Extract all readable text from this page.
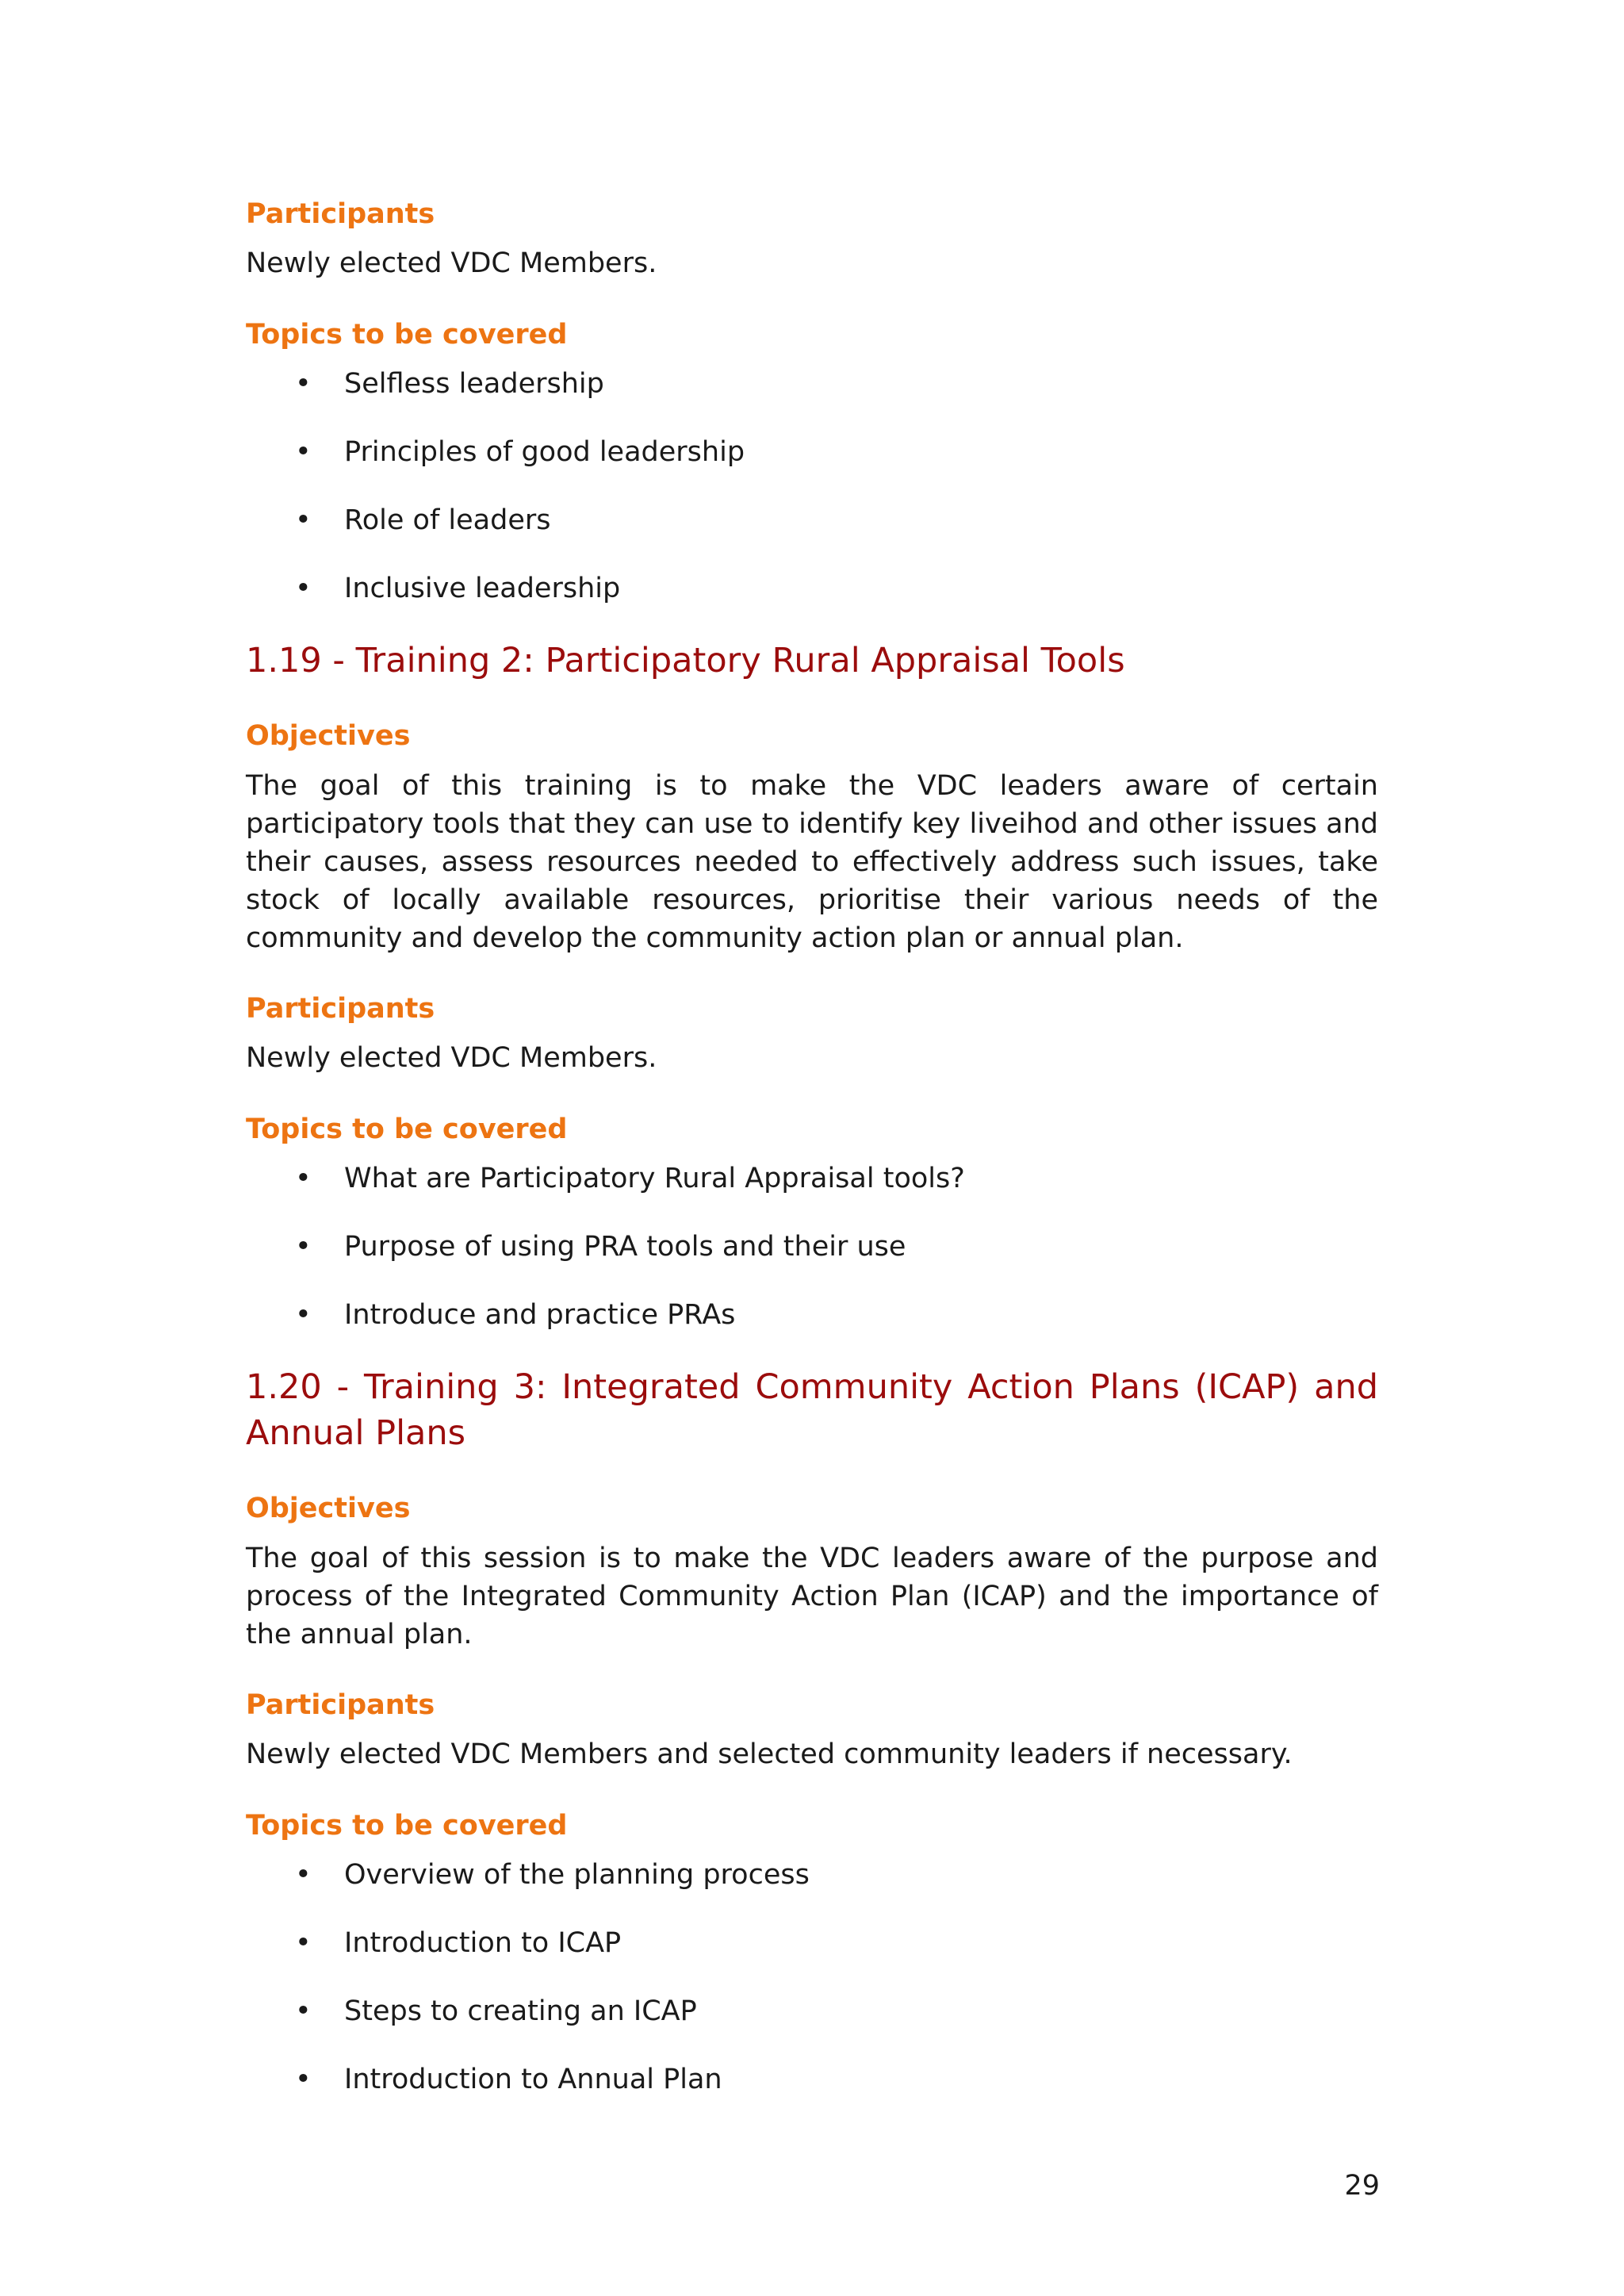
Participants

Newly elected VDC Members.

Topics to be covered
• Selfless leadership
• Principles of good leadership
• Role of leaders
• Inclusive leadership
1.19 - Training 2: Participatory Rural Appraisal Tools
Objectives

The goal of this training is to make the VDC leaders aware of certain participatory tools that they can use to identify key liveihod and other issues and their causes, assess resources needed to effectively address such issues, take stock of locally available resources, prioritise their various needs of the community and develop the community action plan or annual plan.

Participants

Newly elected VDC Members.

Topics to be covered
• What are Participatory Rural Appraisal tools?
• Purpose of using PRA tools and their use
• Introduce and practice PRAs
1.20 - Training 3: Integrated Community Action Plans (ICAP) and Annual Plans
Objectives

The goal of this session is to make the VDC leaders aware of the purpose and process of the Integrated Community Action Plan (ICAP) and the importance of the annual plan.

Participants

Newly elected VDC Members and selected community leaders if necessary.

Topics to be covered
• Overview of the planning process
• Introduction to ICAP
• Steps to creating an ICAP
• Introduction to Annual Plan
29
